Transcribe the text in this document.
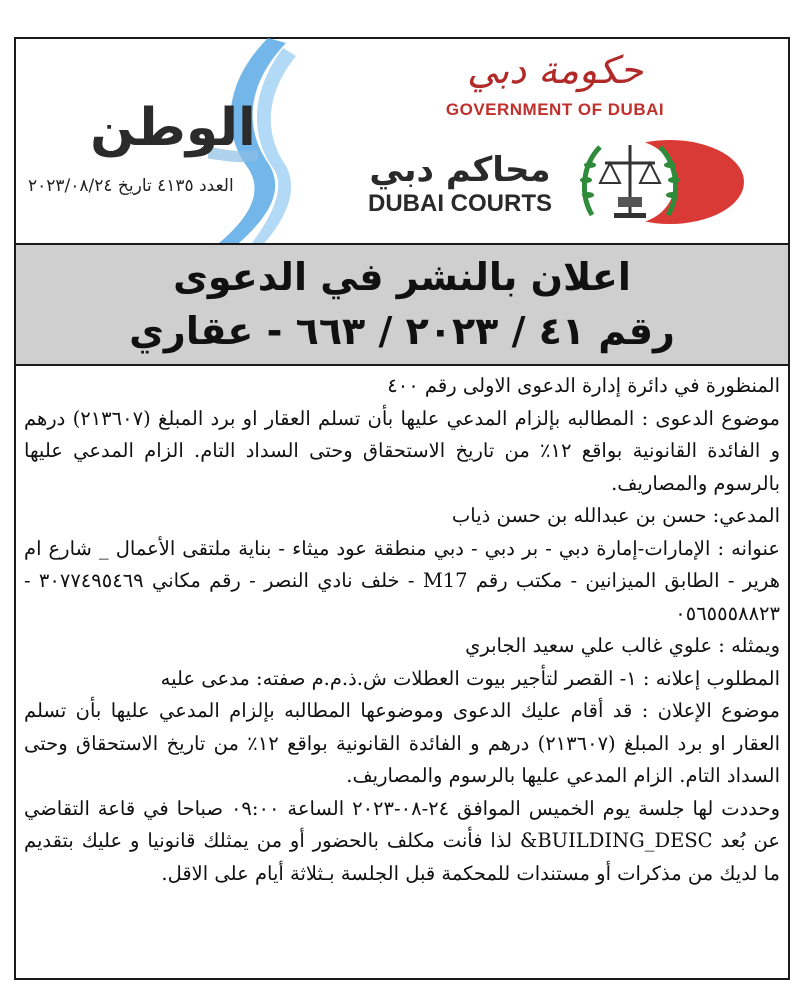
الوطن
العدد ٤١٣٥ تاريخ ٢٠٢٣/٠٨/٢٤
حكومة دبي
GOVERNMENT OF DUBAI
محاكم دبي
DUBAI COURTS
اعلان بالنشر في الدعوى
رقم ٤١ / ٢٠٢٣ / ٦٦٣ - عقاري

المنظورة في دائرة إدارة الدعوى الاولى رقم ٤٠٠

موضوع الدعوى : المطالبه بإلزام المدعي عليها بأن تسلم العقار او برد المبلغ (٢١٣٦٠٧) درهم و الفائدة القانونية بواقع ١٢٪ من تاريخ الاستحقاق وحتى السداد التام. الزام المدعي عليها بالرسوم والمصاريف.

المدعي: حسن بن عبدالله بن حسن ذياب

عنوانه : الإمارات-إمارة دبي - بر دبي - دبي منطقة عود ميثاء - بناية ملتقى الأعمال _ شارع ام هرير - الطابق الميزانين - مكتب رقم M17 - خلف نادي النصر - رقم مكاني ٣٠٧٧٤٩٥٤٦٩ - ٠٥٦٥٥٥٨٨٢٣

ويمثله : علوي غالب علي سعيد الجابري

المطلوب إعلانه : ١- القصر لتأجير بيوت العطلات ش.ذ.م.م صفته: مدعى عليه

موضوع الإعلان : قد أقام عليك الدعوى وموضوعها المطالبه بإلزام المدعي عليها بأن تسلم العقار او برد المبلغ (٢١٣٦٠٧) درهم و الفائدة القانونية بواقع ١٢٪ من تاريخ الاستحقاق وحتى السداد التام. الزام المدعي عليها بالرسوم والمصاريف.

وحددت لها جلسة يوم الخميس الموافق ٢٤-٠٨-٢٠٢٣ الساعة ٠٩:٠٠ صباحا في قاعة التقاضي عن بُعد BUILDING_DESC& لذا فأنت مكلف بالحضور أو من يمثلك قانونيا و عليك بتقديم ما لديك من مذكرات أو مستندات للمحكمة قبل الجلسة بـثلاثة أيام على الاقل.
